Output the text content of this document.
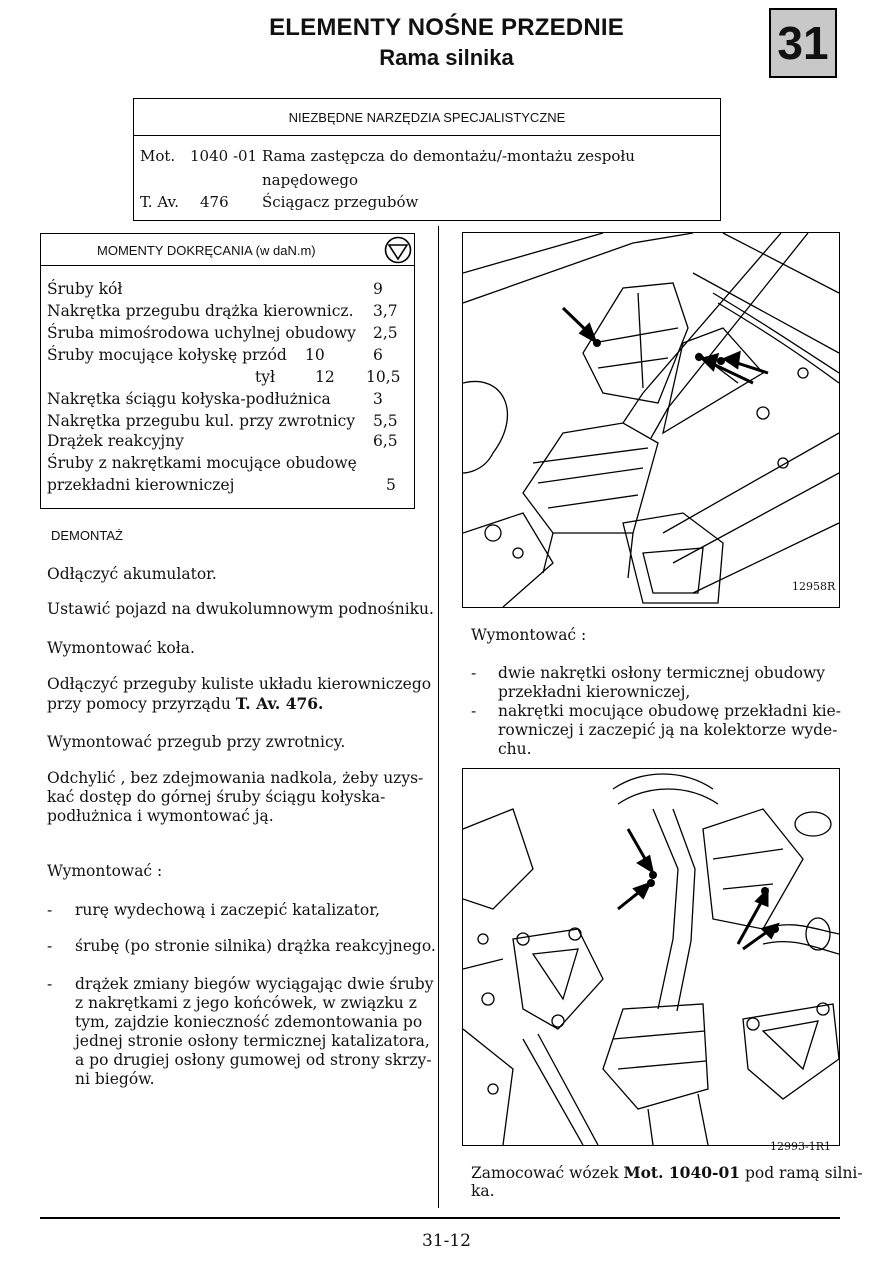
ELEMENTY NOŚNE PRZEDNIE
Rama silnika	31
NIEZBĘDNE NARZĘDZIA SPECJALISTYCZNE
Mot. 1040 -01 Rama zastępcza do demontażu/-montażu zespołu
napędowego
T. Av. 476 Ściągacz przegubów
MOMENTY DOKRĘCANIA (w daN.m)
Śruby kół	9
Nakrętka przegubu drążka kierownicz. 3,7
Śruba mimośrodowa uchylnej obudowy 2,5
Śruby mocujące kołyskę przód 10	6
tył	12 10,5
Nakrętka ściągu kołyska-podłużnica	3
Nakrętka przegubu kul. przy zwrotnicy 5,5
Drążek reakcyjny	6,5
Śruby z nakrętkami mocujące obudowę
przekładni kierowniczej	5
DEMONTAŻ
Odłączyć akumulator.
Ustawić pojazd na dwukolumnowym podnośniku.
Wymontować koła.
Odłączyć przeguby kuliste układu kierowniczego
przy pomocy przyrządu T. Av. 476.
Wymontować przegub przy zwrotnicy.
Odchylić , bez zdejmowania nadkola, żeby uzys-
kać dostęp do górnej śruby ściągu kołyska-
podłużnica i wymontować ją.
Wymontować :
- rurę wydechową i zaczepić katalizator,
- śrubę (po stronie silnika) drążka reakcyjnego.
- drążek zmiany biegów wyciągając dwie śruby
z nakrętkami z jego końcówek, w związku z
tym, zajdzie konieczność zdemontowania po
jednej stronie osłony termicznej katalizatora,
a po drugiej osłony gumowej od strony skrzy-
ni biegów.
12958R
Wymontować :
- dwie nakrętki osłony termicznej obudowy
przekładni kierowniczej,
- nakrętki mocujące obudowę przekładni kie-
rowniczej i zaczepić ją na kolektorze wyde-
chu.
12993-1R1
Zamocować wózek Mot. 1040-01 pod ramą silni-
ka.
31-12
